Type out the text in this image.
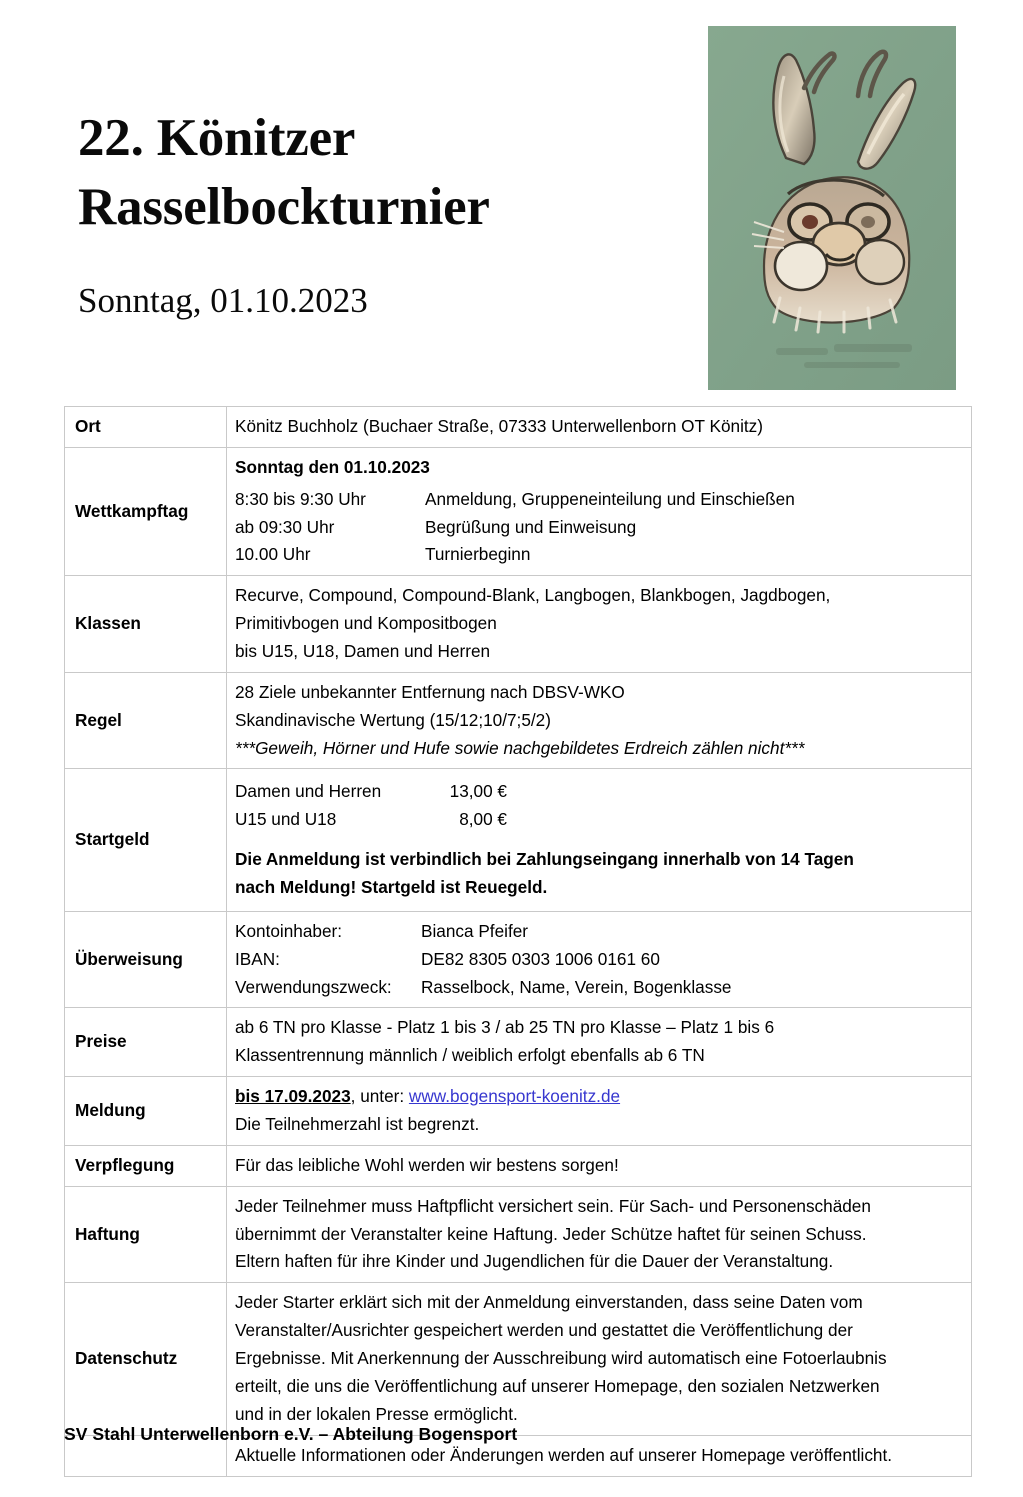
22. Könitzer
Rasselbockturnier
Sonntag, 01.10.2023
Ort	Könitz Buchholz (Buchaer Straße, 07333 Unterwellenborn OT Könitz)

Wettkampftag	
Sonntag den 01.10.2023
8:30 bis 9:30 Uhr	Anmeldung, Gruppeneinteilung und Einschießen
ab 09:30 Uhr	Begrüßung und Einweisung
10.00 Uhr	Turnierbeginn

Klassen	Recurve, Compound, Compound-Blank, Langbogen, Blankbogen, Jagdbogen,
Primitivbogen und Kompositbogen
bis U15, U18, Damen und Herren

Regel	28 Ziele unbekannter Entfernung nach DBSV-WKO
Skandinavische Wertung (15/12;10/7;5/2)
***Geweih, Hörner und Hufe sowie nachgebildetes Erdreich zählen nicht***

Startgeld	
Damen und Herren	13,00 €
U15 und U18	8,00 €
Die Anmeldung ist verbindlich bei Zahlungseingang innerhalb von 14 Tagen
nach Meldung! Startgeld ist Reuegeld.

Überweisung	
Kontoinhaber:	Bianca Pfeifer
IBAN:	DE82 8305 0303 1006 0161 60
Verwendungszweck:	Rasselbock, Name, Verein, Bogenklasse

Preise	ab 6 TN pro Klasse - Platz 1 bis 3 / ab 25 TN pro Klasse – Platz 1 bis 6
Klassentrennung männlich / weiblich erfolgt ebenfalls ab 6 TN

Meldung	bis 17.09.2023, unter: www.bogensport-koenitz.de
Die Teilnehmerzahl ist begrenzt.

Verpflegung	Für das leibliche Wohl werden wir bestens sorgen!

Haftung	Jeder Teilnehmer muss Haftpflicht versichert sein. Für Sach- und Personenschäden
übernimmt der Veranstalter keine Haftung. Jeder Schütze haftet für seinen Schuss.
Eltern haften für ihre Kinder und Jugendlichen für die Dauer der Veranstaltung.

Datenschutz	Jeder Starter erklärt sich mit der Anmeldung einverstanden, dass seine Daten vom
Veranstalter/Ausrichter gespeichert werden und gestattet die Veröffentlichung der
Ergebnisse. Mit Anerkennung der Ausschreibung wird automatisch eine Fotoerlaubnis
erteilt, die uns die Veröffentlichung auf unserer Homepage, den sozialen Netzwerken
und in der lokalen Presse ermöglicht.

	Aktuelle Informationen oder Änderungen werden auf unserer Homepage veröffentlicht.
SV Stahl Unterwellenborn e.V. – Abteilung Bogensport
